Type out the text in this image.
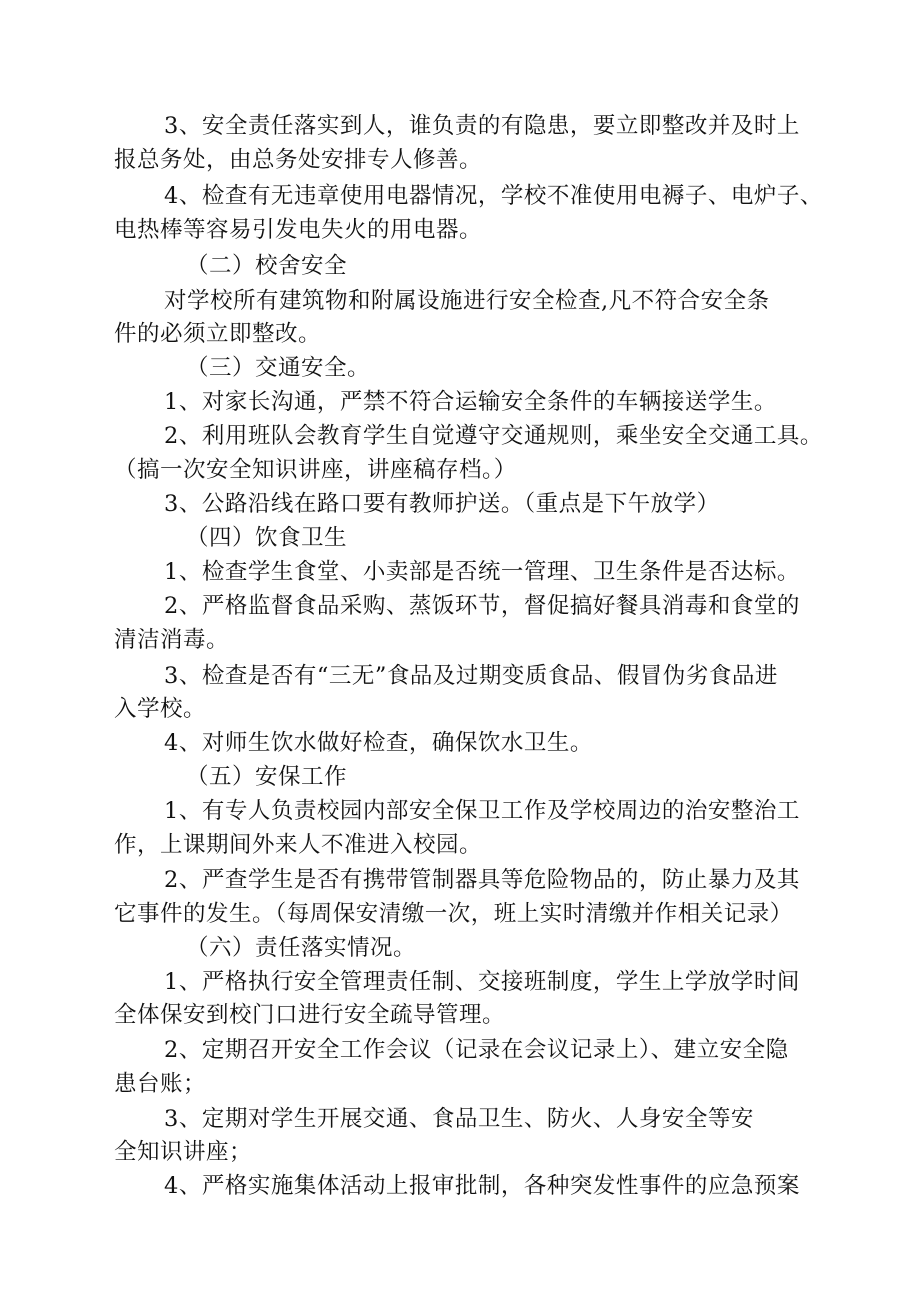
3、安全责任落实到人，谁负责的有隐患，要立即整改并及时上
报总务处，由总务处安排专人修善。
4、检查有无违章使用电器情况，学校不准使用电褥子、电炉子、
电热棒等容易引发电失火的用电器。
（二）校舍安全
对学校所有建筑物和附属设施进行安全检查,凡不符合安全条
件的必须立即整改。
（三）交通安全。
1、对家长沟通，严禁不符合运输安全条件的车辆接送学生。
2、利用班队会教育学生自觉遵守交通规则，乘坐安全交通工具。
（搞一次安全知识讲座，讲座稿存档。）
3、公路沿线在路口要有教师护送。（重点是下午放学）
（四）饮食卫生
1、检查学生食堂、小卖部是否统一管理、卫生条件是否达标。
2、严格监督食品采购、蒸饭环节，督促搞好餐具消毒和食堂的
清洁消毒。
3、检查是否有“三无”食品及过期变质食品、假冒伪劣食品进
入学校。
4、对师生饮水做好检查，确保饮水卫生。
（五）安保工作
1、有专人负责校园内部安全保卫工作及学校周边的治安整治工
作，上课期间外来人不准进入校园。
2、严查学生是否有携带管制器具等危险物品的，防止暴力及其
它事件的发生。（每周保安清缴一次，班上实时清缴并作相关记录）
（六）责任落实情况。
1、严格执行安全管理责任制、交接班制度，学生上学放学时间
全体保安到校门口进行安全疏导管理。
2、定期召开安全工作会议（记录在会议记录上）、建立安全隐
患台账；
3、定期对学生开展交通、食品卫生、防火、人身安全等安
全知识讲座；
4、严格实施集体活动上报审批制，各种突发性事件的应急预案
